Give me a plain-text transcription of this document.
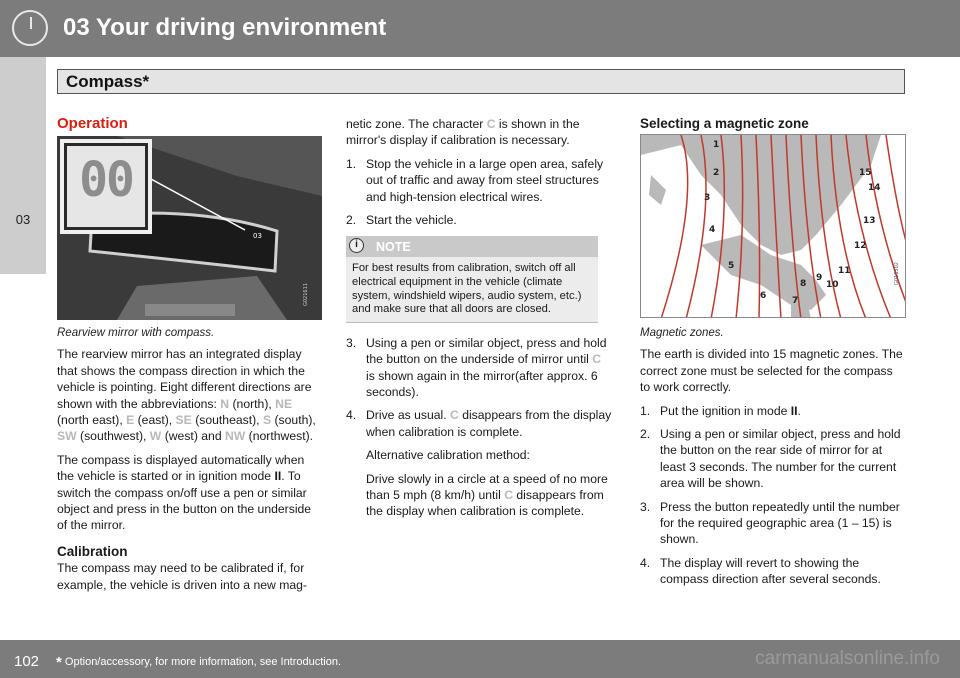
03 Your driving environment
Compass*
03
Operation
03
G021611
00
Rearview mirror with compass.

The rearview mirror has an integrated display that shows the compass direction in which the vehicle is pointing. Eight different directions are shown with the abbreviations: N (north), NE
(north east), E (east), SE (southeast), S (south),
SW (southwest), W (west) and NW (northwest).

The compass is displayed automatically when the vehicle is started or in ignition mode II. To switch the compass on/off use a pen or similar object and press in the button on the underside of the mirror.

Calibration

The compass may need to be calibrated if, for example, the vehicle is driven into a new mag-

netic zone. The character C is shown in the mirror's display if calibration is necessary.

1. Stop the vehicle in a large open area, safely out of traffic and away from steel structures and high-tension electrical wires.
2. Start the vehicle.
i	NOTE
For best results from calibration, switch off all electrical equipment in the vehicle (climate system, windshield wipers, audio system, etc.) and make sure that all doors are closed.
3. Using a pen or similar object, press and hold the button on the underside of mirror until C is shown again in the mirror(after approx. 6 seconds).
4. Drive as usual. C disappears from the display when calibration is complete.

Alternative calibration method:

Drive slowly in a circle at a speed of no more than 5 mph (8 km/h) until C disappears from the display when calibration is complete.

Selecting a magnetic zone
1
2
3
4
5
6	7
8
9
10
11
12
13
14
15
G018502
Magnetic zones.

The earth is divided into 15 magnetic zones. The correct zone must be selected for the compass to work correctly.

1. Put the ignition in mode II.
2. Using a pen or similar object, press and hold the button on the rear side of mirror for at least 3 seconds. The number for the current area will be shown.
3. Press the button repeatedly until the number for the required geographic area (1 – 15) is shown.
4. The display will revert to showing the compass direction after several seconds.
102 * Option/accessory, for more information, see Introduction.	carmanualsonline.info
